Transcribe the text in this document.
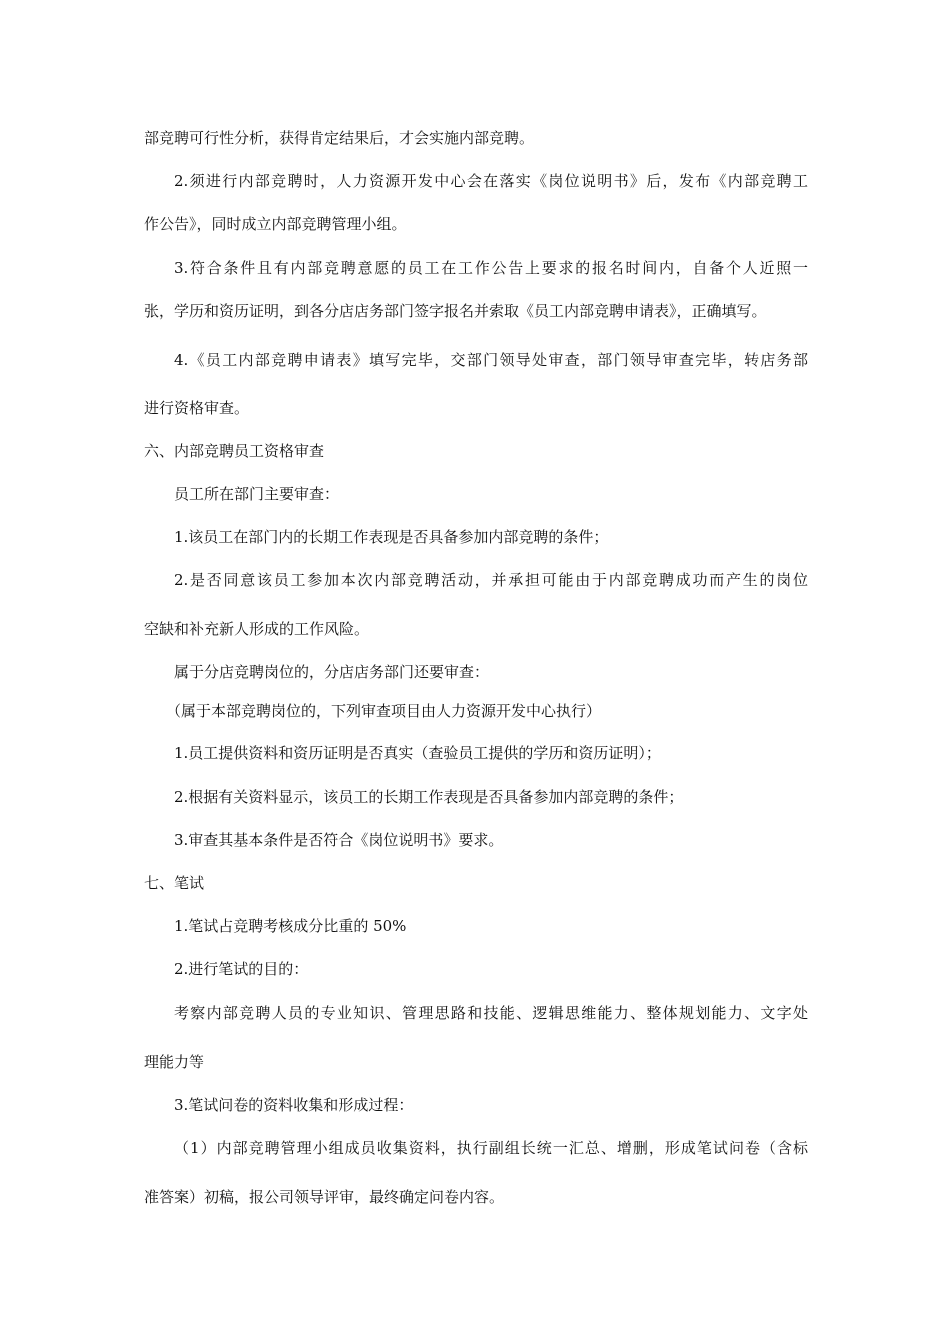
部竞聘可行性分析，获得肯定结果后，才会实施内部竞聘。
2.须进行内部竞聘时，人力资源开发中心会在落实《岗位说明书》后，发布《内部竞聘工
作公告》，同时成立内部竞聘管理小组。
3.符合条件且有内部竞聘意愿的员工在工作公告上要求的报名时间内，自备个人近照一
张，学历和资历证明，到各分店店务部门签字报名并索取《员工内部竞聘申请表》，正确填写。
4.《员工内部竞聘申请表》填写完毕，交部门领导处审查，部门领导审查完毕，转店务部
进行资格审查。
六、内部竞聘员工资格审查
员工所在部门主要审查：
1.该员工在部门内的长期工作表现是否具备参加内部竞聘的条件；
2.是否同意该员工参加本次内部竞聘活动，并承担可能由于内部竞聘成功而产生的岗位
空缺和补充新人形成的工作风险。
属于分店竞聘岗位的，分店店务部门还要审查：
（属于本部竞聘岗位的，下列审查项目由人力资源开发中心执行）
1.员工提供资料和资历证明是否真实（查验员工提供的学历和资历证明）；
2.根据有关资料显示，该员工的长期工作表现是否具备参加内部竞聘的条件；
3.审查其基本条件是否符合《岗位说明书》要求。
七、笔试
1.笔试占竞聘考核成分比重的 50%
2.进行笔试的目的：
考察内部竞聘人员的专业知识、管理思路和技能、逻辑思维能力、整体规划能力、文字处
理能力等
3.笔试问卷的资料收集和形成过程：
（1）内部竞聘管理小组成员收集资料，执行副组长统一汇总、增删，形成笔试问卷（含标
准答案）初稿，报公司领导评审，最终确定问卷内容。
